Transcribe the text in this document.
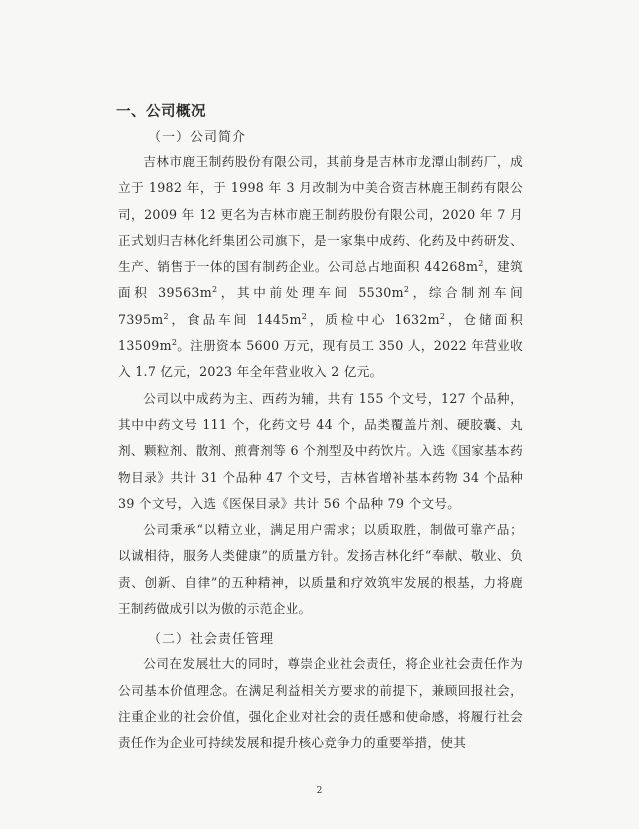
一、公司概况
（一）公司简介

吉林市鹿王制药股份有限公司，其前身是吉林市龙潭山制药厂，成立于 1982 年，于 1998 年 3 月改制为中美合资吉林鹿王制药有限公司，2009 年 12 更名为吉林市鹿王制药股份有限公司，2020 年 7 月正式划归吉林化纤集团公司旗下，是一家集中成药、化药及中药研发、生产、销售于一体的国有制药企业。公司总占地面积 $44268m^2$，建筑面积 $39563m^2$，其中前处理车间 $5530m^2$，综合制剂车间 $7395m^2$，食品车间 $1445m^2$，质检中心 $1632m^2$，仓储面积 $13509m^2$。注册资本 5600 万元，现有员工 350 人，2022 年营业收入 1.7 亿元，2023 年全年营业收入 2 亿元。

公司以中成药为主、西药为辅，共有 155 个文号，127 个品种，其中中药文号 111 个，化药文号 44 个，品类覆盖片剂、硬胶囊、丸剂、颗粒剂、散剂、煎膏剂等 6 个剂型及中药饮片。入选《国家基本药物目录》共计 31 个品种 47 个文号，吉林省增补基本药物 34 个品种 39 个文号，入选《医保目录》共计 56 个品种 79 个文号。

公司秉承“以精立业，满足用户需求；以质取胜，制做可靠产品；以诚相待，服务人类健康”的质量方针。发扬吉林化纤“奉献、敬业、负责、创新、自律”的五种精神，以质量和疗效筑牢发展的根基，力将鹿王制药做成引以为傲的示范企业。

（二）社会责任管理

公司在发展壮大的同时，尊崇企业社会责任，将企业社会责任作为公司基本价值理念。在满足利益相关方要求的前提下，兼顾回报社会，注重企业的社会价值，强化企业对社会的责任感和使命感，将履行社会责任作为企业可持续发展和提升核心竞争力的重要举措，使其

2
